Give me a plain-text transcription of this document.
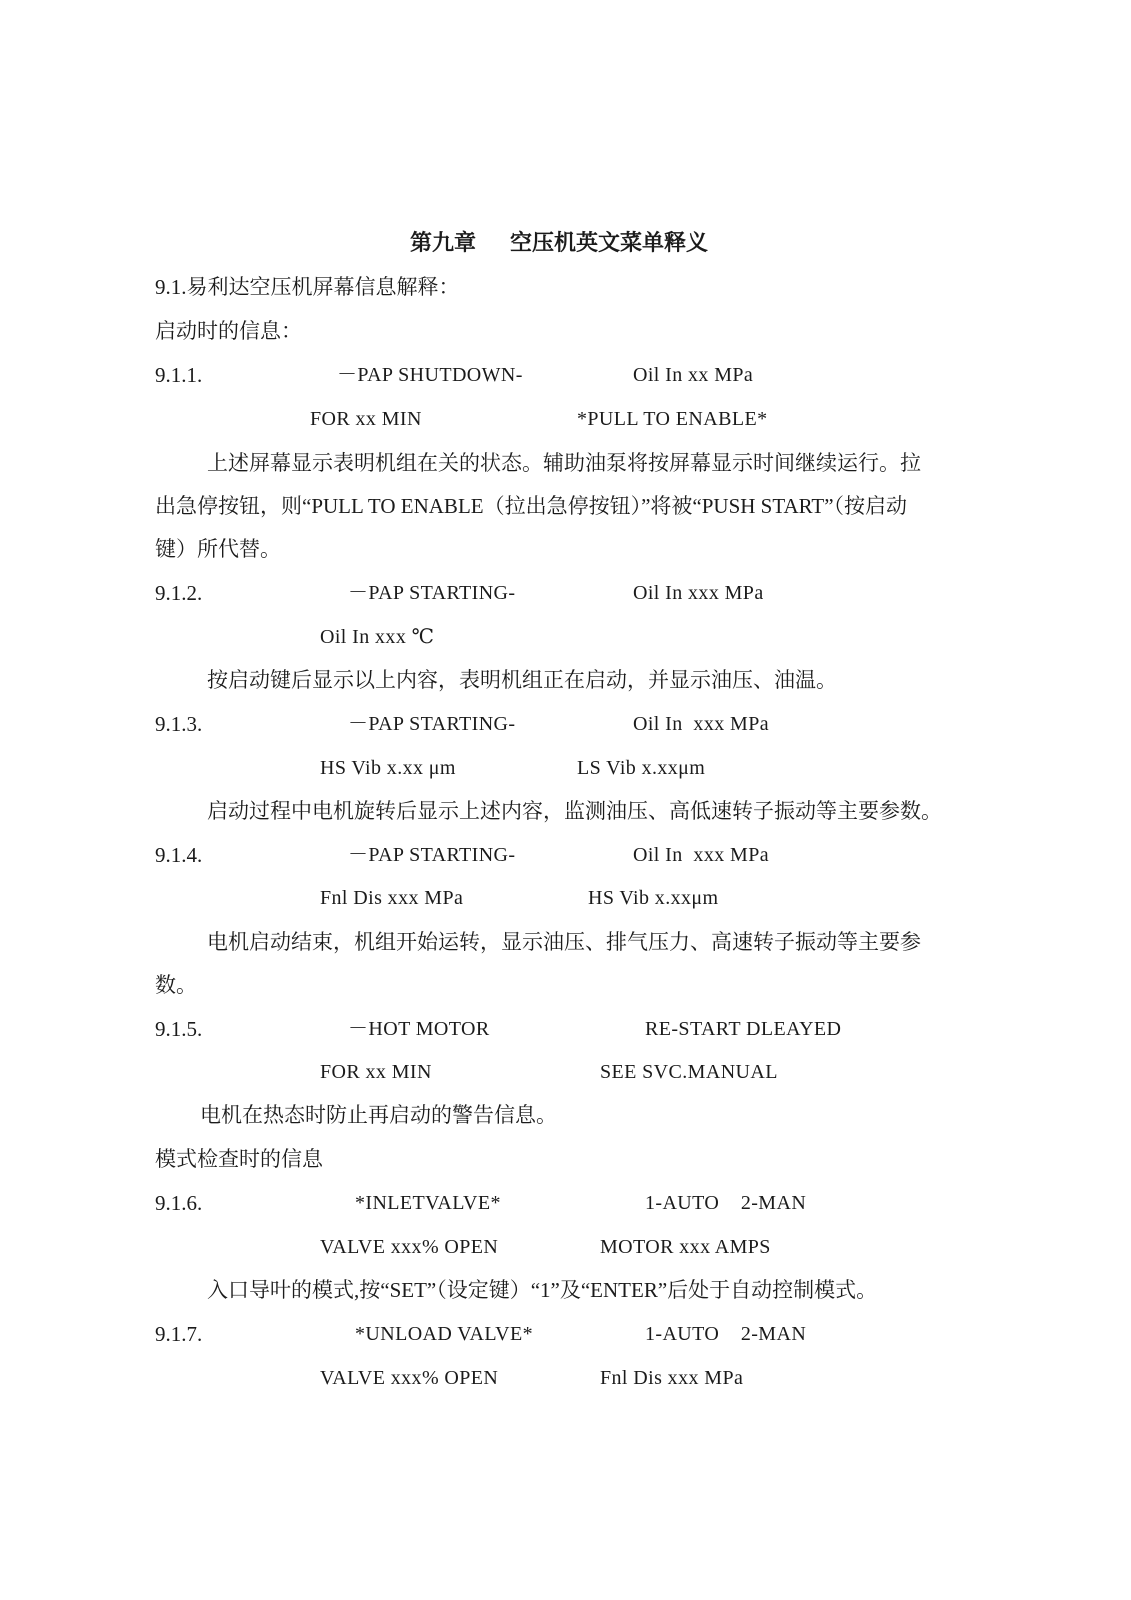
第九章 空压机英文菜单释义
9.1.易利达空压机屏幕信息解释：
启动时的信息：
9.1.1.	－PAP SHUTDOWN-	Oil In xx MPa
FOR xx MIN	*PULL TO ENABLE*
上述屏幕显示表明机组在关的状态。辅助油泵将按屏幕显示时间继续运行。拉
出急停按钮，则“PULL TO ENABLE（拉出急停按钮）”将被“PUSH START”（按启动
键）所代替。
9.1.2.	－PAP STARTING-	Oil In xxx MPa
Oil In xxx ℃
按启动键后显示以上内容，表明机组正在启动，并显示油压、油温。
9.1.3.	－PAP STARTING-	Oil In  xxx MPa
HS Vib x.xx μm	LS Vib x.xxμm
启动过程中电机旋转后显示上述内容，监测油压、高低速转子振动等主要参数。
9.1.4.	－PAP STARTING-	Oil In  xxx MPa
Fnl Dis xxx MPa	HS Vib x.xxμm
电机启动结束，机组开始运转，显示油压、排气压力、高速转子振动等主要参
数。
9.1.5.	－HOT MOTOR	RE-START DLEAYED
FOR xx MIN	SEE SVC.MANUAL
电机在热态时防止再启动的警告信息。
模式检查时的信息
9.1.6.	*INLETVALVE*	1-AUTO    2-MAN
VALVE xxx% OPEN	MOTOR xxx AMPS
入口导叶的模式,按“SET”（设定键）“1”及“ENTER”后处于自动控制模式。
9.1.7.	*UNLOAD VALVE*	1-AUTO    2-MAN
VALVE xxx% OPEN	Fnl Dis xxx MPa
